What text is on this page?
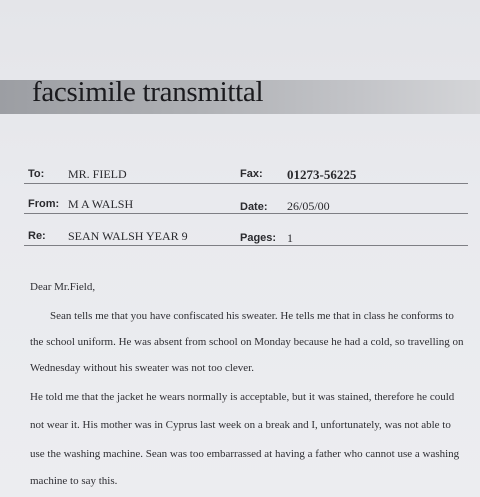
facsimile transmittal
To: MR. FIELD	Fax: 01273-56225
From: M A WALSH	Date: 26/05/00
Re: SEAN WALSH YEAR 9	Pages: 1
Dear Mr.Field,
Sean tells me that you have confiscated his sweater. He tells me that in class he conforms to
the school uniform. He was absent from school on Monday because he had a cold, so travelling on
Wednesday without his sweater was not too clever.
He told me that the jacket he wears normally is acceptable, but it was stained, therefore he could
not wear it. His mother was in Cyprus last week on a break and I, unfortunately, was not able to
use the washing machine. Sean was too embarrassed at having a father who cannot use a washing
machine to say this.
